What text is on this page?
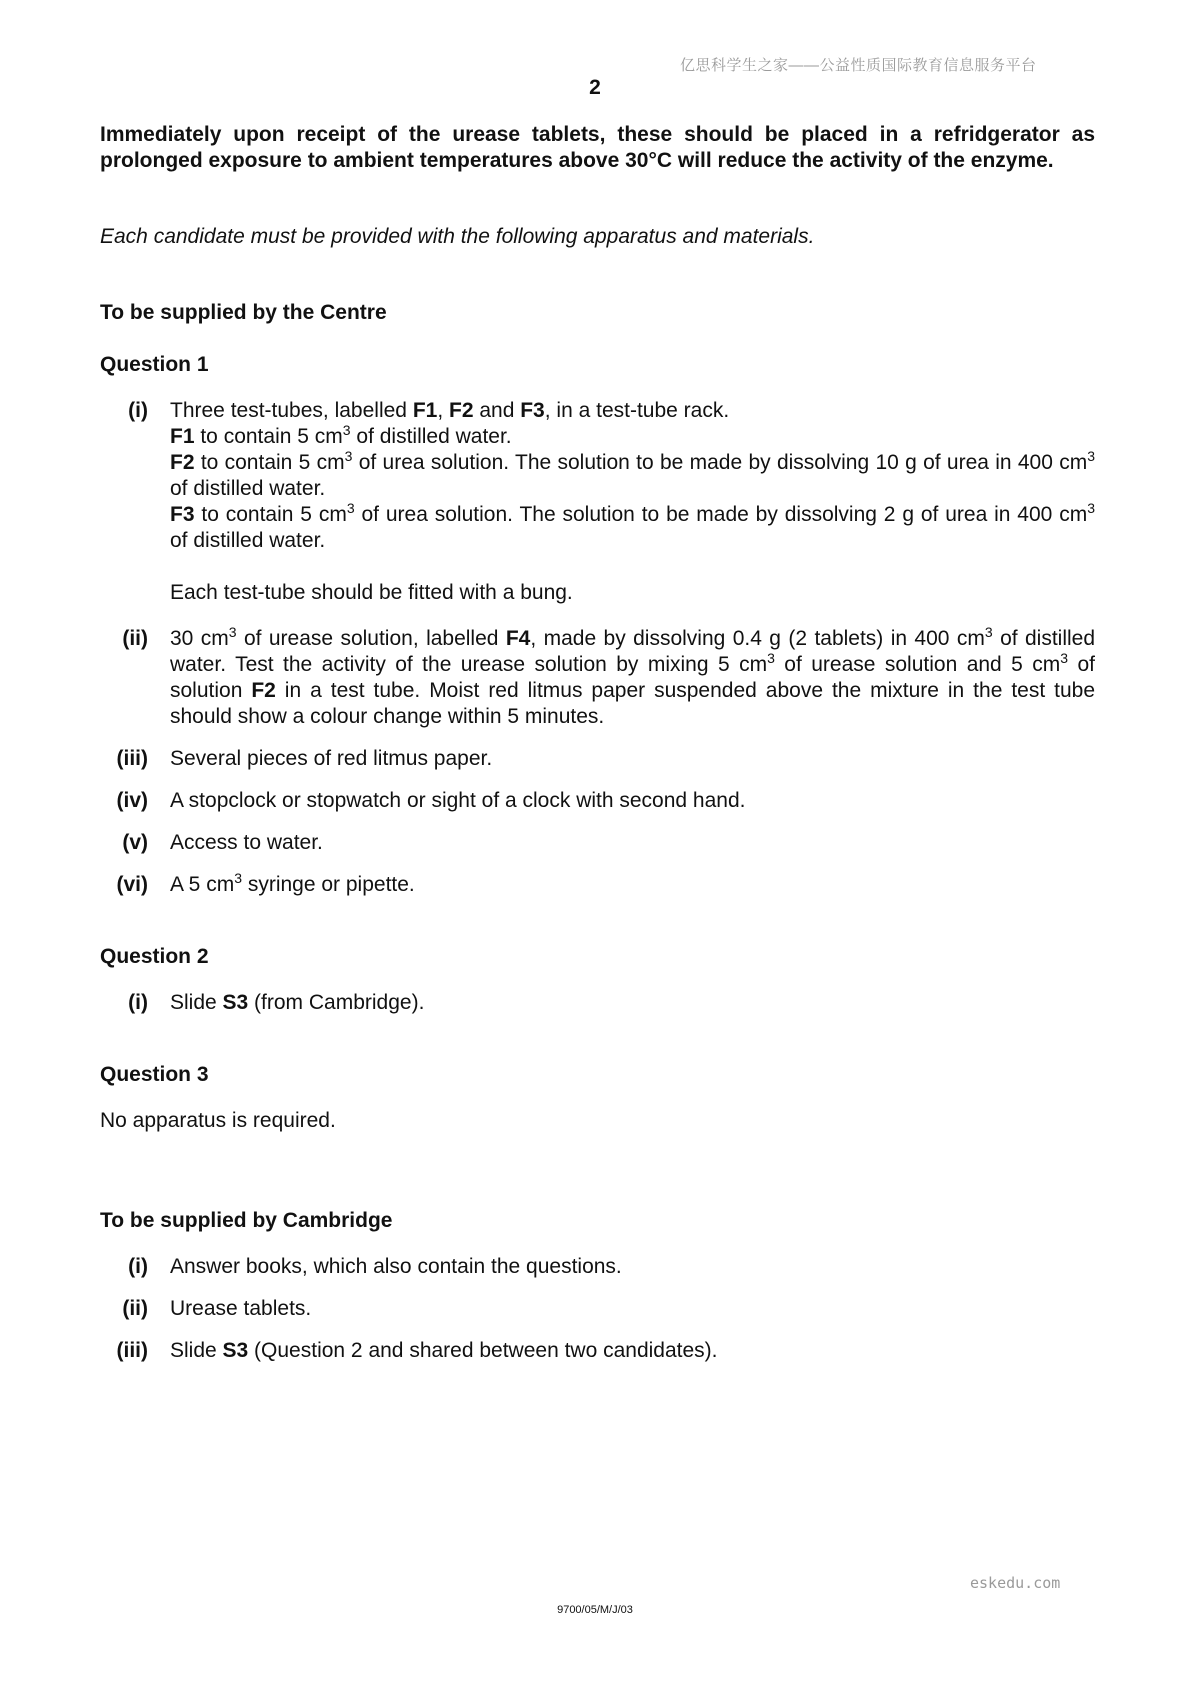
亿思科学生之家——公益性质国际教育信息服务平台
2
Immediately upon receipt of the urease tablets, these should be placed in a refridgerator as prolonged exposure to ambient temperatures above 30°C will reduce the activity of the enzyme.
Each candidate must be provided with the following apparatus and materials.
To be supplied by the Centre
Question 1
(i)	Three test-tubes, labelled F1, F2 and F3, in a test-tube rack.

F1 to contain 5 $cm^3$ of distilled water.

F2 to contain 5 $cm^3$ of urea solution. The solution to be made by dissolving 10 g of urea in 400 $cm^3$ of distilled water.

F3 to contain 5 $cm^3$ of urea solution. The solution to be made by dissolving 2 g of urea in 400 $cm^3$ of distilled water.

Each test-tube should be fitted with a bung.

(ii)	30 $cm^3$ of urease solution, labelled F4, made by dissolving 0.4 g (2 tablets) in 400 $cm^3$ of distilled water. Test the activity of the urease solution by mixing 5 $cm^3$ of urease solution and 5 $cm^3$ of solution F2 in a test tube. Moist red litmus paper suspended above the mixture in the test tube should show a colour change within 5 minutes.
(iii)	Several pieces of red litmus paper.
(iv)	A stopclock or stopwatch or sight of a clock with second hand.
(v)	Access to water.
(vi)	A 5 $cm^3$ syringe or pipette.
Question 2
(i)	Slide S3 (from Cambridge).
Question 3
No apparatus is required.
To be supplied by Cambridge
(i)	Answer books, which also contain the questions.
(ii)	Urease tablets.
(iii)	Slide S3 (Question 2 and shared between two candidates).
eskedu.com
9700/05/M/J/03
